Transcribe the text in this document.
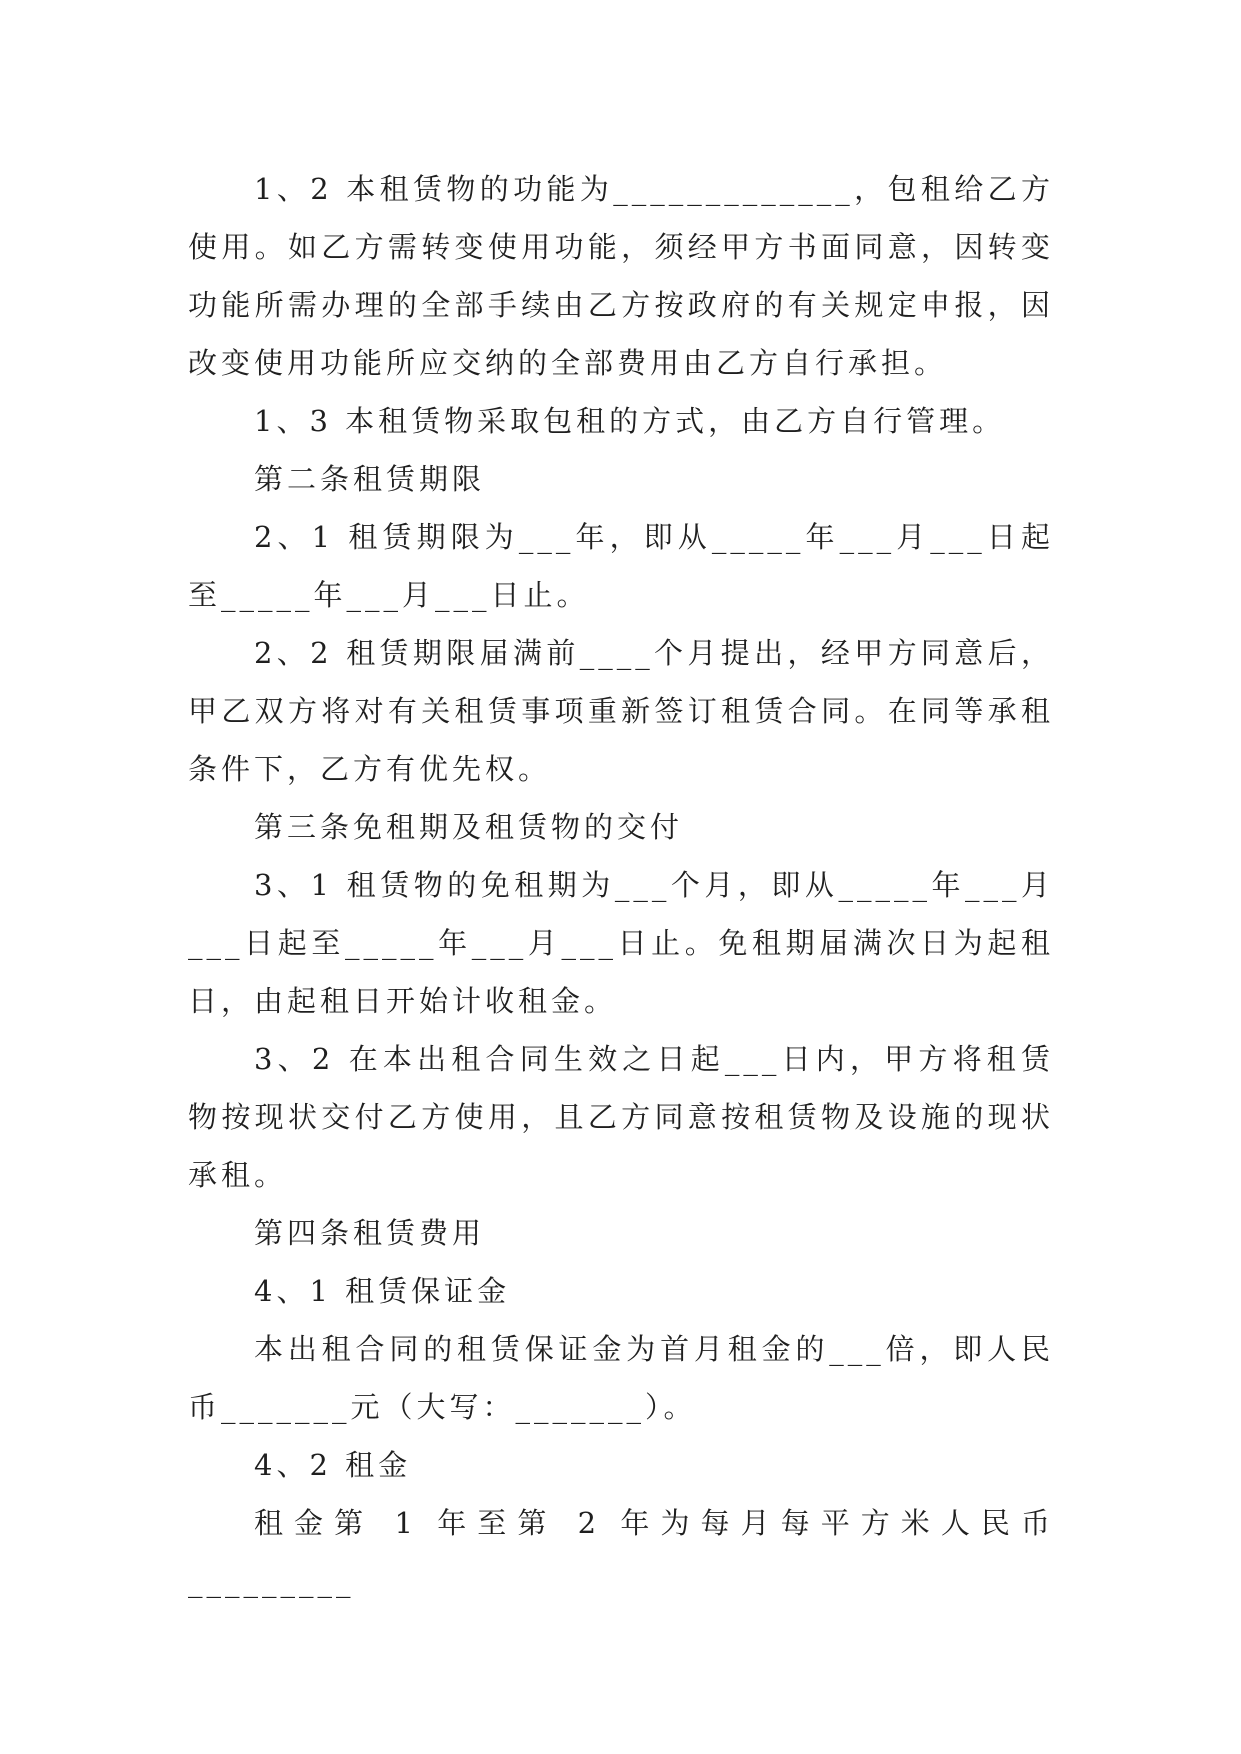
1、2 本租赁物的功能为_____________，包租给乙方使用。如乙方需转变使用功能，须经甲方书面同意，因转变功能所需办理的全部手续由乙方按政府的有关规定申报，因改变使用功能所应交纳的全部费用由乙方自行承担。

1、3 本租赁物采取包租的方式，由乙方自行管理。

第二条租赁期限

2、1 租赁期限为___年，即从_____年___月___日起至_____年___月___日止。

2、2 租赁期限届满前____个月提出，经甲方同意后，甲乙双方将对有关租赁事项重新签订租赁合同。在同等承租条件下，乙方有优先权。

第三条免租期及租赁物的交付

3、1 租赁物的免租期为___个月，即从_____年___月___日起至_____年___月___日止。免租期届满次日为起租日，由起租日开始计收租金。

3、2 在本出租合同生效之日起___日内，甲方将租赁物按现状交付乙方使用，且乙方同意按租赁物及设施的现状承租。

第四条租赁费用

4、1 租赁保证金

本出租合同的租赁保证金为首月租金的___倍，即人民币_______元（大写：_______）。

4、2 租金

租金第 1 年至第 2 年为每月每平方米人民币_________
